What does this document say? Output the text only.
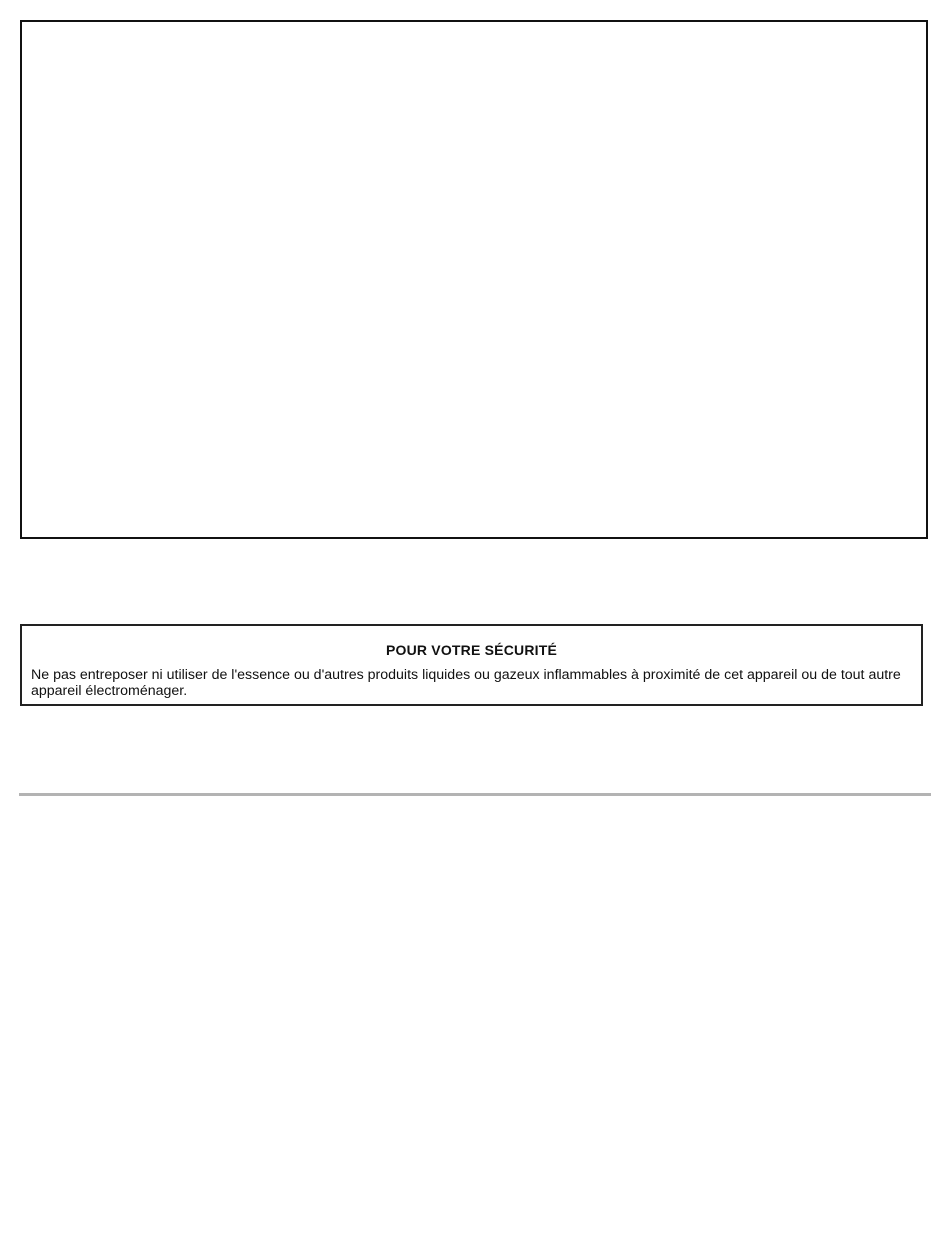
POUR VOTRE SÉCURITÉ

Ne pas entreposer ni utiliser de l'essence ou d'autres produits liquides ou gazeux inflammables à proximité de cet appareil ou de tout autre appareil électroménager.
